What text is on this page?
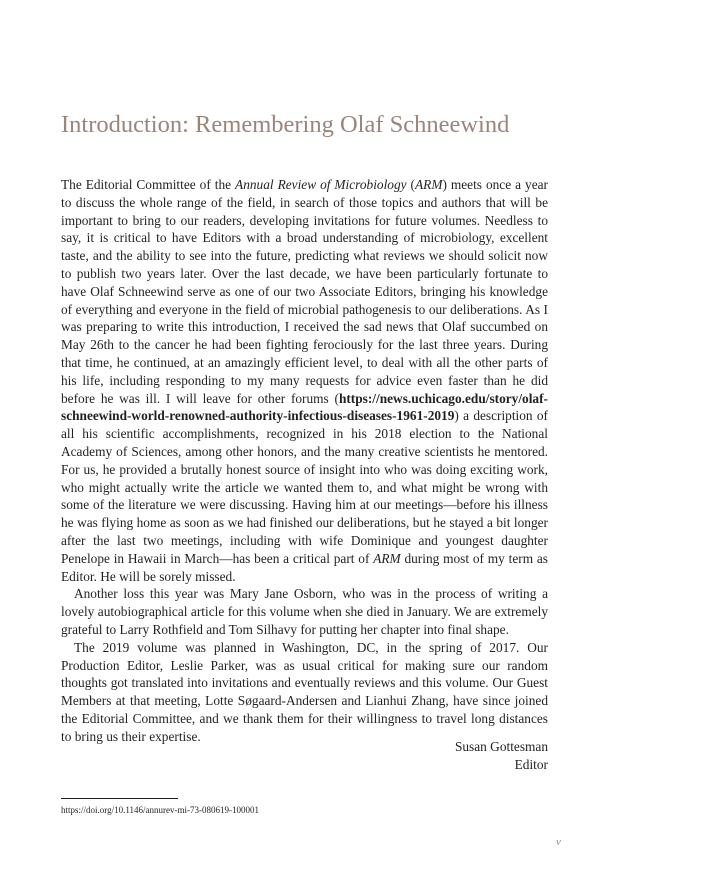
Introduction: Remembering Olaf Schneewind

The Editorial Committee of the Annual Review of Microbiology (ARM) meets once a year to discuss the whole range of the field, in search of those topics and authors that will be important to bring to our readers, developing invitations for future volumes. Needless to say, it is critical to have Editors with a broad understanding of microbiology, excellent taste, and the ability to see into the future, predicting what reviews we should solicit now to publish two years later. Over the last decade, we have been particularly fortunate to have Olaf Schneewind serve as one of our two Associate Editors, bringing his knowledge of everything and everyone in the field of microbial pathogenesis to our deliberations. As I was preparing to write this introduction, I received the sad news that Olaf succumbed on May 26th to the cancer he had been fighting ferociously for the last three years. During that time, he continued, at an amazingly efficient level, to deal with all the other parts of his life, including responding to my many requests for advice even faster than he did before he was ill. I will leave for other forums (https://news.uchicago.edu/story/olaf-schneewind-world-renowned-authority-infectious-diseases-1961-2019) a description of all his scientific accomplishments, recognized in his 2018 election to the National Academy of Sciences, among other honors, and the many creative scientists he mentored. For us, he provided a brutally honest source of insight into who was doing exciting work, who might actually write the article we wanted them to, and what might be wrong with some of the literature we were discussing. Having him at our meetings—before his illness he was flying home as soon as we had finished our deliberations, but he stayed a bit longer after the last two meetings, including with wife Dominique and youngest daughter Penelope in Hawaii in March—has been a critical part of ARM during most of my term as Editor. He will be sorely missed.

Another loss this year was Mary Jane Osborn, who was in the process of writing a lovely autobiographical article for this volume when she died in January. We are extremely grateful to Larry Rothfield and Tom Silhavy for putting her chapter into final shape.

The 2019 volume was planned in Washington, DC, in the spring of 2017. Our Production Editor, Leslie Parker, was as usual critical for making sure our random thoughts got translated into invitations and eventually reviews and this volume. Our Guest Members at that meeting, Lotte Søgaard-Andersen and Lianhui Zhang, have since joined the Editorial Committee, and we thank them for their willingness to travel long distances to bring us their expertise.

Susan Gottesman
Editor
https://doi.org/10.1146/annurev-mi-73-080619-100001
v
